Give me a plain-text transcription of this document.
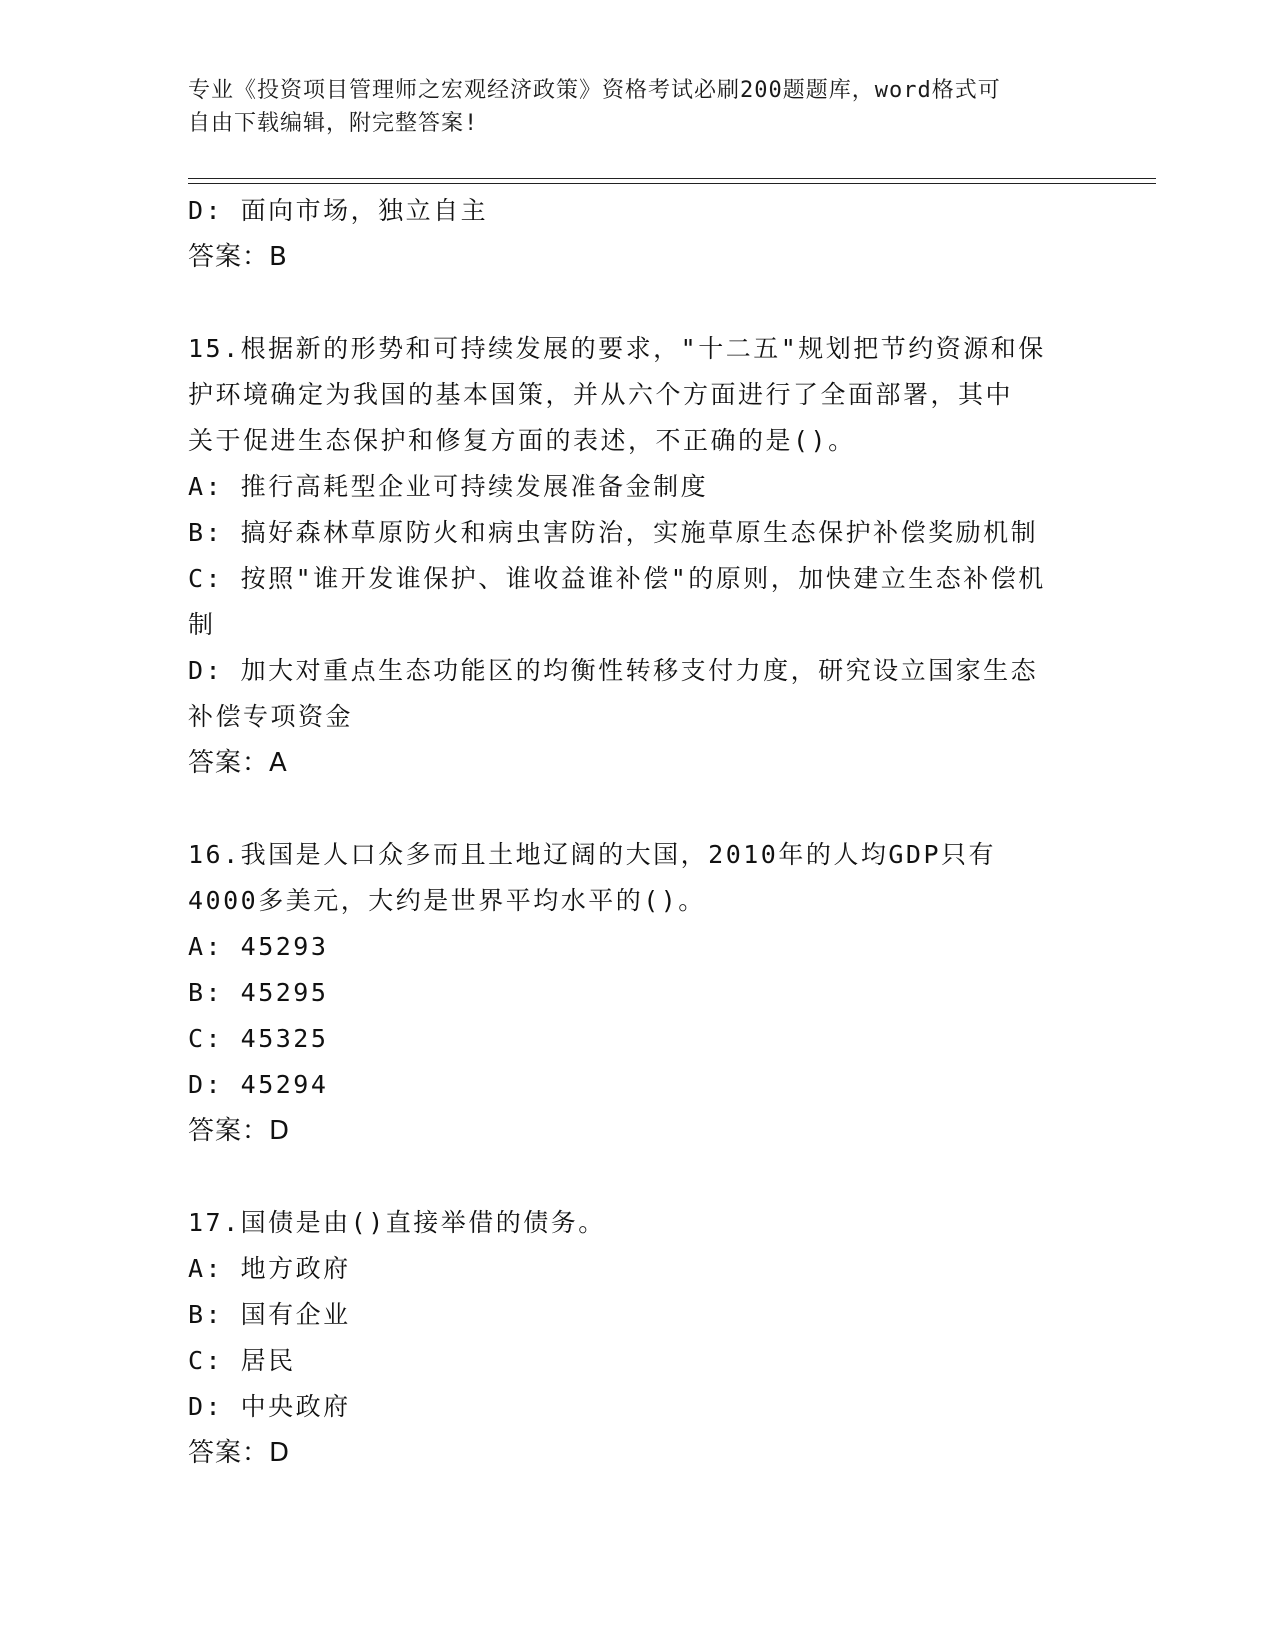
专业《投资项目管理师之宏观经济政策》资格考试必刷200题题库，word格式可
自由下载编辑，附完整答案!
D: 面向市场，独立自主
答案：B
15.根据新的形势和可持续发展的要求，"十二五"规划把节约资源和保
护环境确定为我国的基本国策，并从六个方面进行了全面部署，其中
关于促进生态保护和修复方面的表述，不正确的是()。
A: 推行高耗型企业可持续发展准备金制度
B: 搞好森林草原防火和病虫害防治，实施草原生态保护补偿奖励机制
C: 按照"谁开发谁保护、谁收益谁补偿"的原则，加快建立生态补偿机
制
D: 加大对重点生态功能区的均衡性转移支付力度，研究设立国家生态
补偿专项资金
答案：A
16.我国是人口众多而且土地辽阔的大国，2010年的人均GDP只有
4000多美元，大约是世界平均水平的()。
A: 45293
B: 45295
C: 45325
D: 45294
答案：D
17.国债是由()直接举借的债务。
A: 地方政府
B: 国有企业
C: 居民
D: 中央政府
答案：D
